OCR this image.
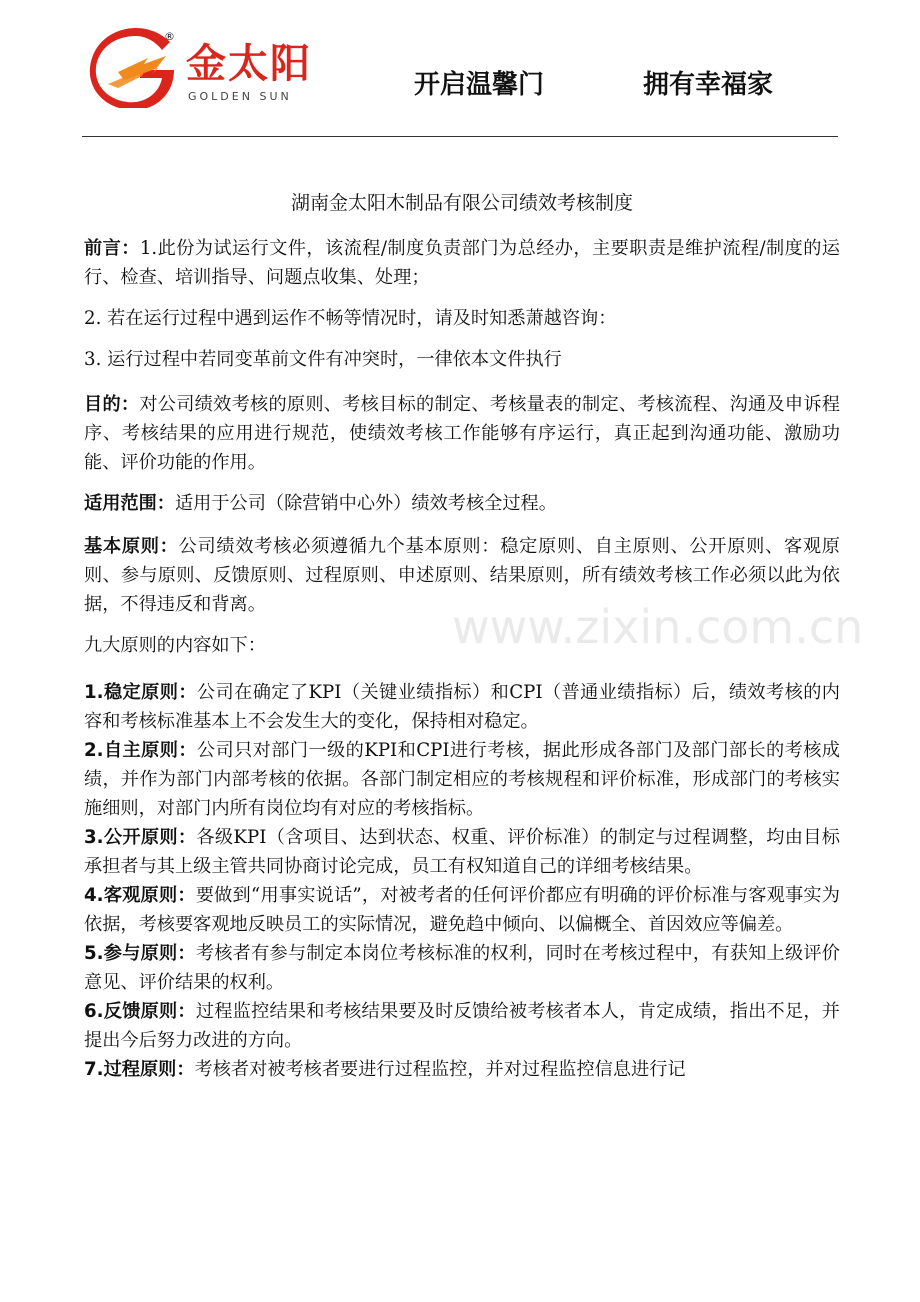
®
金太阳
GOLDEN SUN	开启温馨门	拥有幸福家
www.zixin.com.cn
湖南金太阳木制品有限公司绩效考核制度

前言：1.此份为试运行文件，该流程/制度负责部门为总经办，主要职责是维护流程/制度的运行、检查、培训指导、问题点收集、处理；

2. 若在运行过程中遇到运作不畅等情况时，请及时知悉萧越咨询：

3. 运行过程中若同变革前文件有冲突时，一律依本文件执行

目的：对公司绩效考核的原则、考核目标的制定、考核量表的制定、考核流程、沟通及申诉程序、考核结果的应用进行规范，使绩效考核工作能够有序运行，真正起到沟通功能、激励功能、评价功能的作用。

适用范围：适用于公司（除营销中心外）绩效考核全过程。

基本原则：公司绩效考核必须遵循九个基本原则：稳定原则、自主原则、公开原则、客观原则、参与原则、反馈原则、过程原则、申述原则、结果原则，所有绩效考核工作必须以此为依据，不得违反和背离。

九大原则的内容如下：

1.稳定原则：公司在确定了KPI（关键业绩指标）和CPI（普通业绩指标）后，绩效考核的内容和考核标准基本上不会发生大的变化，保持相对稳定。

2.自主原则：公司只对部门一级的KPI和CPI进行考核，据此形成各部门及部门部长的考核成绩，并作为部门内部考核的依据。各部门制定相应的考核规程和评价标准，形成部门的考核实施细则，对部门内所有岗位均有对应的考核指标。

3.公开原则：各级KPI（含项目、达到状态、权重、评价标准）的制定与过程调整，均由目标承担者与其上级主管共同协商讨论完成，员工有权知道自己的详细考核结果。

4.客观原则：要做到“用事实说话”，对被考者的任何评价都应有明确的评价标准与客观事实为依据，考核要客观地反映员工的实际情况，避免趋中倾向、以偏概全、首因效应等偏差。

5.参与原则：考核者有参与制定本岗位考核标准的权利，同时在考核过程中，有获知上级评价意见、评价结果的权利。

6.反馈原则：过程监控结果和考核结果要及时反馈给被考核者本人，肯定成绩，指出不足，并提出今后努力改进的方向。

7.过程原则：考核者对被考核者要进行过程监控，并对过程监控信息进行记
